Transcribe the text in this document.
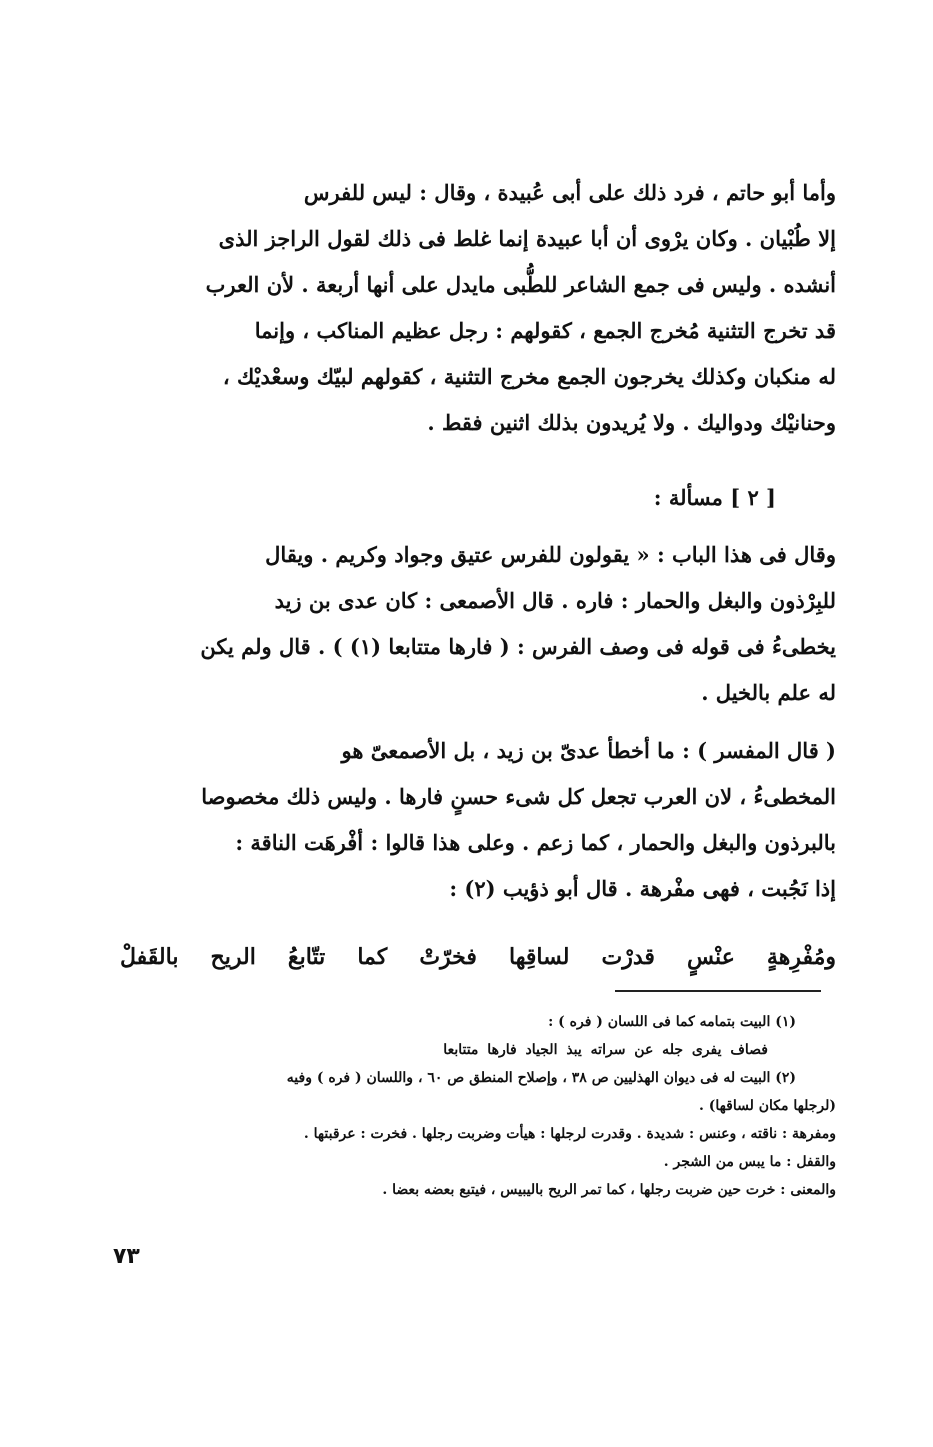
وأما أبو حاتم ، فرد ذلك على أبى عُبيدة ، وقال : ليس للفرس

إلا طُبْيان . وكان يرْوى أن أبا عبيدة إنما غلط فى ذلك لقول الراجز الذى

أنشده . وليس فى جمع الشاعر للطُّبى مايدل على أنها أربعة . لأن العرب

قد تخرج التثنية مُخرج الجمع ، كقولهم : رجل عظيم المناكب ، وإنما

له منكبان وكذلك يخرجون الجمع مخرج التثنية ، كقولهم لبيّك وسعْديْك ،

وحنانيْك ودواليك . ولا يُريدون بذلك اثنين فقط .

[ ٢ ] مسألة :

وقال فى هذا الباب : « يقولون للفرس عتيق وجواد وكريم . ويقال

للبِرْذون والبغل والحمار : فاره . قال الأصمعى : كان عدى بن زيد

يخطىءُ فى قوله فى وصف الفرس : ( فارها متتابعا (١) ) . قال ولم يكن

له علم بالخيل .

( قال المفسر ) : ما أخطأ عدىّ بن زيد ، بل الأصمعىّ هو

المخطىءُ ، لان العرب تجعل كل شىء حسنٍ فارها . وليس ذلك مخصوصا

بالبرذون والبغل والحمار ، كما زعم . وعلى هذا قالوا : أفْرهَت الناقة :

إذا نَجُبت ، فهى مفْرهة . قال أبو ذؤيب (٢) :

ومُفْرِهةٍ عنْسٍ قدرْت لساقِها فخرّتْ كما تتّابعُ الريح بالقَفلْ

(١) البيت بتمامه كما فى اللسان ( فره ) :
فصاف يفرى جله عن سراته يبذ الجياد فارها متتابعا
(٢) البيت له فى ديوان الهذليين ص ٣٨ ، وإصلاح المنطق ص ٦٠ ، واللسان ( فره ) وفيه
(لرجلها مكان لساقها) .
ومفرهة : ناقته ، وعنس : شديدة . وقدرت لرجلها : هيأت وضربت رجلها . فخرت : عرقبتها .
والقفل : ما يبس من الشجر .
والمعنى : خرت حين ضربت رجلها ، كما تمر الريح باليبيس ، فيتبع بعضه بعضا .
٧٣
